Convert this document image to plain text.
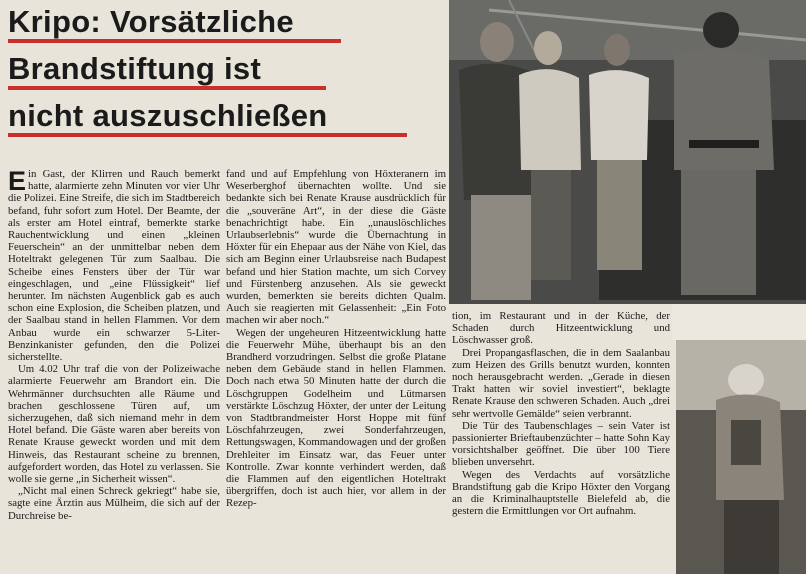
Kripo: Vorsätzliche
Brandstiftung ist
nicht auszuschließen

Ein Gast, der Klirren und Rauch bemerkt hatte, alarmierte zehn Minuten vor vier Uhr die Polizei. Eine Streife, die sich im Stadtbereich befand, fuhr sofort zum Hotel. Der Beamte, der als erster am Hotel eintraf, bemerkte starke Rauchentwicklung und einen „kleinen Feuerschein“ an der unmittelbar neben dem Hoteltrakt gelegenen Tür zum Saalbau. Die Scheibe eines Fensters über der Tür war eingeschlagen, und „eine Flüssigkeit“ lief herunter. Im nächsten Augenblick gab es auch schon eine Explosion, die Scheiben platzen, und der Saalbau stand in hellen Flammen. Vor dem Anbau wurde ein schwarzer 5-Liter-Benzinkanister gefunden, den die Polizei sicherstellte.

Um 4.02 Uhr traf die von der Polizeiwache alarmierte Feuerwehr am Brandort ein. Die Wehrmänner durchsuchten alle Räume und brachen geschlossene Türen auf, um sicherzugehen, daß sich niemand mehr in dem Hotel befand. Die Gäste waren aber bereits von Renate Krause geweckt worden und mit dem Hinweis, das Restaurant scheine zu brennen, aufgefordert worden, das Hotel zu verlassen. Sie wolle sie gerne „in Sicherheit wissen“.

„Nicht mal einen Schreck gekriegt“ habe sie, sagte eine Ärztin aus Mülheim, die sich auf der Durchreise be-

fand und auf Empfehlung von Höxteranern im Weserberghof übernachten wollte. Und sie bedankte sich bei Renate Krause ausdrücklich für die „souveräne Art“, in der diese die Gäste benachrichtigt habe. Ein „unauslöschliches Urlaubserlebnis“ wurde die Übernachtung in Höxter für ein Ehepaar aus der Nähe von Kiel, das sich am Beginn einer Urlaubsreise nach Budapest befand und hier Station machte, um sich Corvey und Fürstenberg anzusehen. Als sie geweckt wurden, bemerkten sie bereits dichten Qualm. Auch sie reagierten mit Gelassenheit: „Ein Foto machen wir aber noch.“

Wegen der ungeheuren Hitzeentwicklung hatte die Feuerwehr Mühe, überhaupt bis an den Brandherd vorzudringen. Selbst die große Platane neben dem Gebäude stand in hellen Flammen. Doch nach etwa 50 Minuten hatte der durch die Löschgruppen Godelheim und Lütmarsen verstärkte Löschzug Höxter, der unter der Leitung von Stadtbrandmeister Horst Hoppe mit fünf Löschfahrzeugen, zwei Sonderfahrzeugen, Rettungswagen, Kommandowagen und der großen Drehleiter im Einsatz war, das Feuer unter Kontrolle. Zwar konnte verhindert werden, daß die Flammen auf den eigentlichen Hoteltrakt übergriffen, doch ist auch hier, vor allem in der Rezep-

tion, im Restaurant und in der Küche, der Schaden durch Hitzeentwicklung und Löschwasser groß.

Drei Propangasflaschen, die in dem Saalanbau zum Heizen des Grills benutzt wurden, konnten noch herausgebracht werden. „Gerade in diesen Trakt hatten wir soviel investiert“, beklagte Renate Krause den schweren Schaden. Auch „drei sehr wertvolle Gemälde“ seien verbrannt.

Die Tür des Taubenschlages – sein Vater ist passionierter Brieftaubenzüchter – hatte Sohn Kay vorsichtshalber geöffnet. Die über 100 Tiere blieben unversehrt.

Wegen des Verdachts auf vorsätzliche Brandstiftung gab die Kripo Höxter den Vorgang an die Kriminalhauptstelle Bielefeld ab, die gestern die Ermittlungen vor Ort aufnahm.
